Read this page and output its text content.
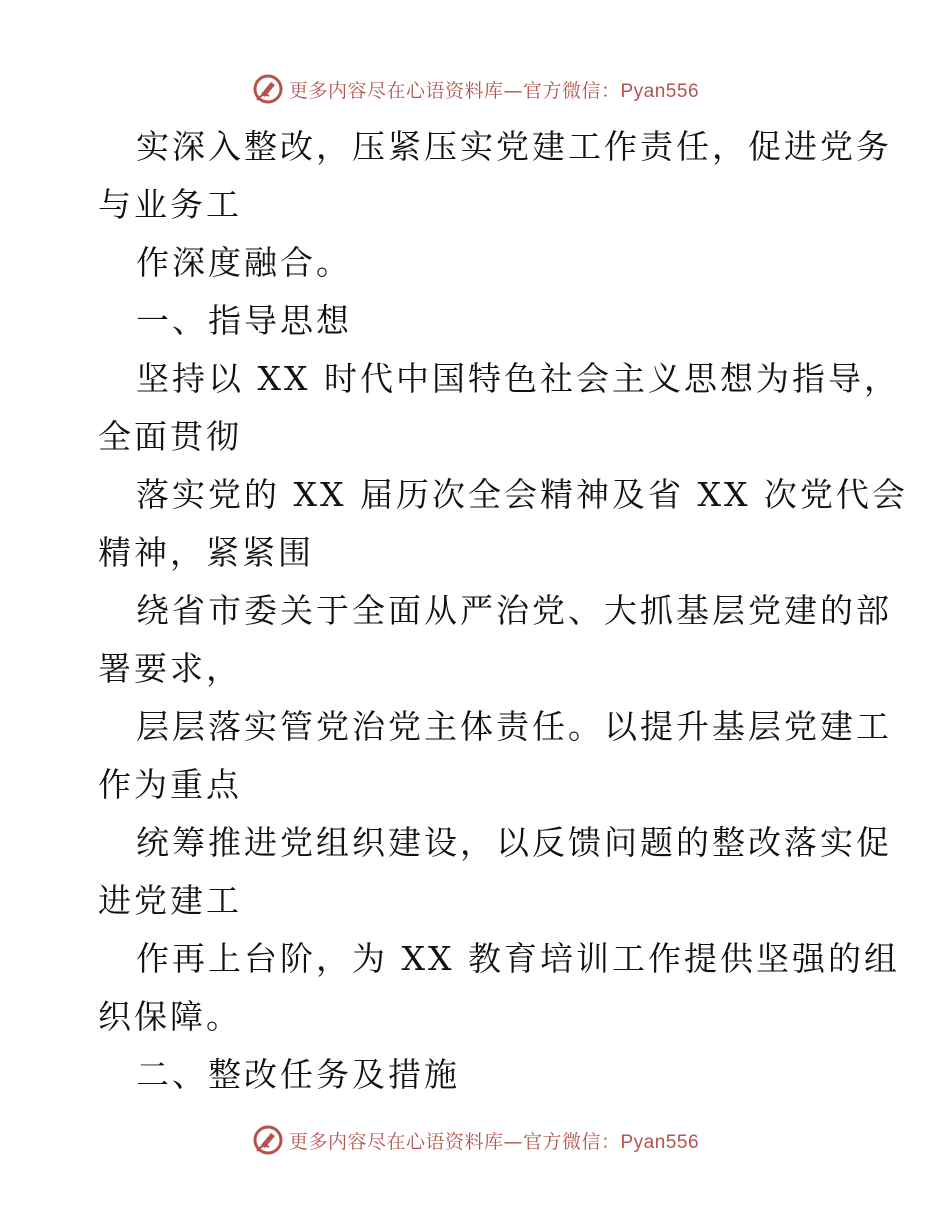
更多内容尽在心语资料库—官方微信：Pyan556
实深入整改，压紧压实党建工作责任，促进党务
与业务工
作深度融合。
一、指导思想
坚持以 XX 时代中国特色社会主义思想为指导，
全面贯彻
落实党的 XX 届历次全会精神及省 XX 次党代会
精神，紧紧围
绕省市委关于全面从严治党、大抓基层党建的部
署要求，
层层落实管党治党主体责任。以提升基层党建工
作为重点
统筹推进党组织建设，以反馈问题的整改落实促
进党建工
作再上台阶，为 XX 教育培训工作提供坚强的组
织保障。
二、整改任务及措施
更多内容尽在心语资料库—官方微信：Pyan556
